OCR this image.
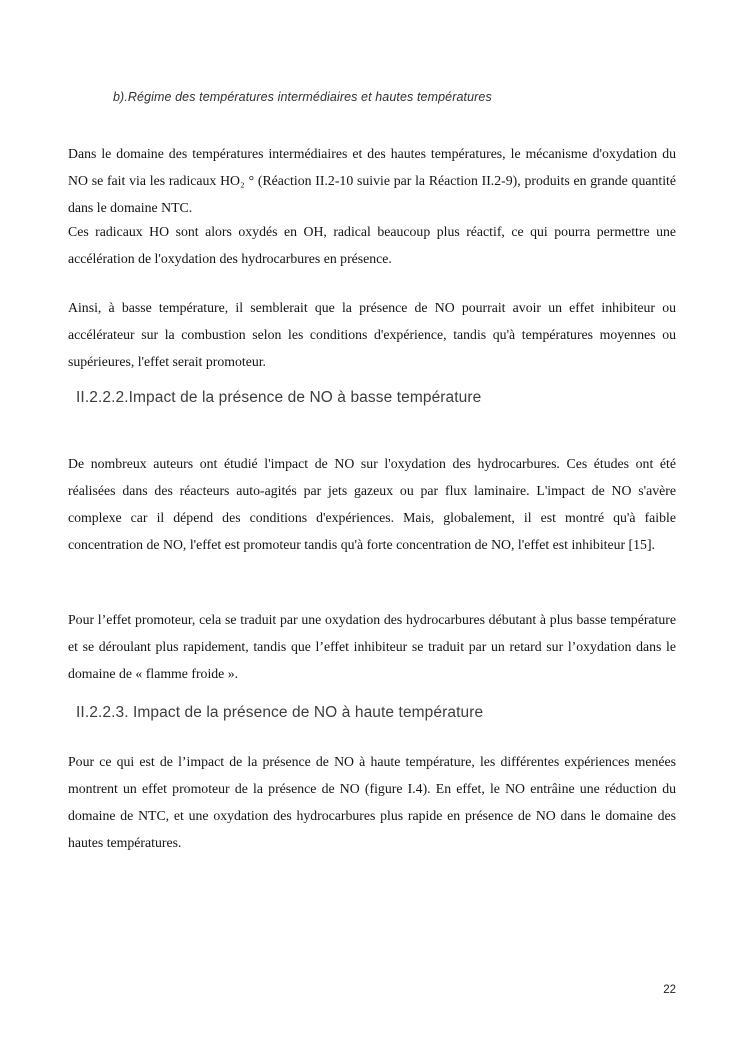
b).Régime des températures intermédiaires et hautes températures

Dans le domaine des températures intermédiaires et des hautes températures, le mécanisme d'oxydation du NO se fait via les radicaux HO₂ ° (Réaction II.2-10 suivie par la Réaction II.2-9), produits en grande quantité dans le domaine NTC.

Ces radicaux HO sont alors oxydés en OH, radical beaucoup plus réactif, ce qui pourra permettre une accélération de l'oxydation des hydrocarbures en présence.

Ainsi, à basse température, il semblerait que la présence de NO pourrait avoir un effet inhibiteur ou accélérateur sur la combustion selon les conditions d'expérience, tandis qu'à températures moyennes ou supérieures, l'effet serait promoteur.

II.2.2.2.Impact de la présence de NO à basse température

De nombreux auteurs ont étudié l'impact de NO sur l'oxydation des hydrocarbures. Ces études ont été réalisées dans des réacteurs auto-agités par jets gazeux ou par flux laminaire. L'impact de NO s'avère complexe car il dépend des conditions d'expériences. Mais, globalement, il est montré qu'à faible concentration de NO, l'effet est promoteur tandis qu'à forte concentration de NO, l'effet est inhibiteur [15].

Pour l’effet promoteur, cela se traduit par une oxydation des hydrocarbures débutant à plus basse température et se déroulant plus rapidement, tandis que l’effet inhibiteur se traduit par un retard sur l’oxydation dans le domaine de « flamme froide ».

II.2.2.3. Impact de la présence de NO à haute température

Pour ce qui est de l’impact de la présence de NO à haute température, les différentes expériences menées montrent un effet promoteur de la présence de NO (figure I.4). En effet, le NO entrâine une réduction du domaine de NTC, et une oxydation des hydrocarbures plus rapide en présence de NO dans le domaine des hautes températures.

22
